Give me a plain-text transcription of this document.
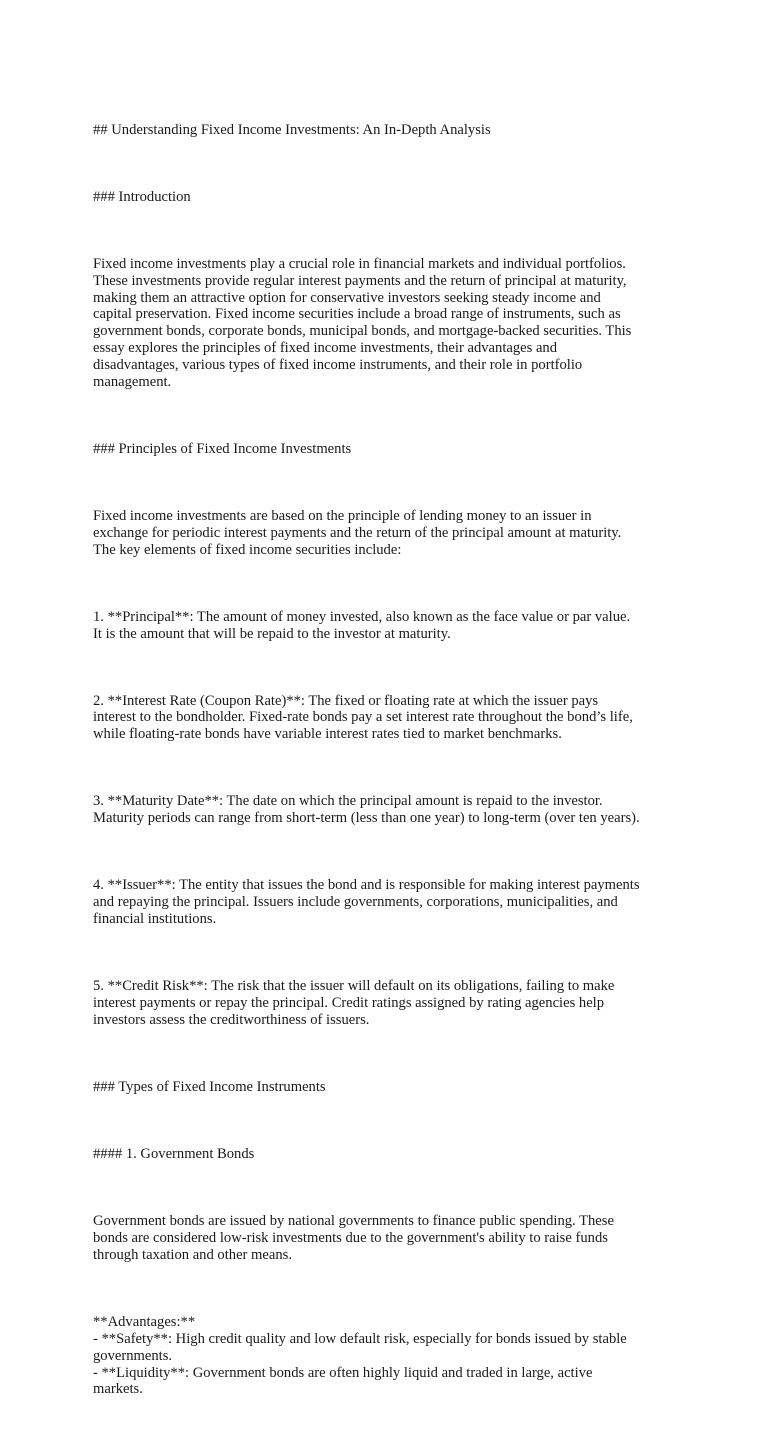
## Understanding Fixed Income Investments: An In-Depth Analysis

### Introduction

Fixed income investments play a crucial role in financial markets and individual portfolios.
These investments provide regular interest payments and the return of principal at maturity,
making them an attractive option for conservative investors seeking steady income and
capital preservation. Fixed income securities include a broad range of instruments, such as
government bonds, corporate bonds, municipal bonds, and mortgage-backed securities. This
essay explores the principles of fixed income investments, their advantages and
disadvantages, various types of fixed income instruments, and their role in portfolio
management.

### Principles of Fixed Income Investments

Fixed income investments are based on the principle of lending money to an issuer in
exchange for periodic interest payments and the return of the principal amount at maturity.
The key elements of fixed income securities include:

1. **Principal**: The amount of money invested, also known as the face value or par value.
It is the amount that will be repaid to the investor at maturity.

2. **Interest Rate (Coupon Rate)**: The fixed or floating rate at which the issuer pays
interest to the bondholder. Fixed-rate bonds pay a set interest rate throughout the bond’s life,
while floating-rate bonds have variable interest rates tied to market benchmarks.

3. **Maturity Date**: The date on which the principal amount is repaid to the investor.
Maturity periods can range from short-term (less than one year) to long-term (over ten years).

4. **Issuer**: The entity that issues the bond and is responsible for making interest payments
and repaying the principal. Issuers include governments, corporations, municipalities, and
financial institutions.

5. **Credit Risk**: The risk that the issuer will default on its obligations, failing to make
interest payments or repay the principal. Credit ratings assigned by rating agencies help
investors assess the creditworthiness of issuers.

### Types of Fixed Income Instruments

#### 1. Government Bonds

Government bonds are issued by national governments to finance public spending. These
bonds are considered low-risk investments due to the government's ability to raise funds
through taxation and other means.

**Advantages:**
- **Safety**: High credit quality and low default risk, especially for bonds issued by stable
governments.
- **Liquidity**: Government bonds are often highly liquid and traded in large, active
markets.
